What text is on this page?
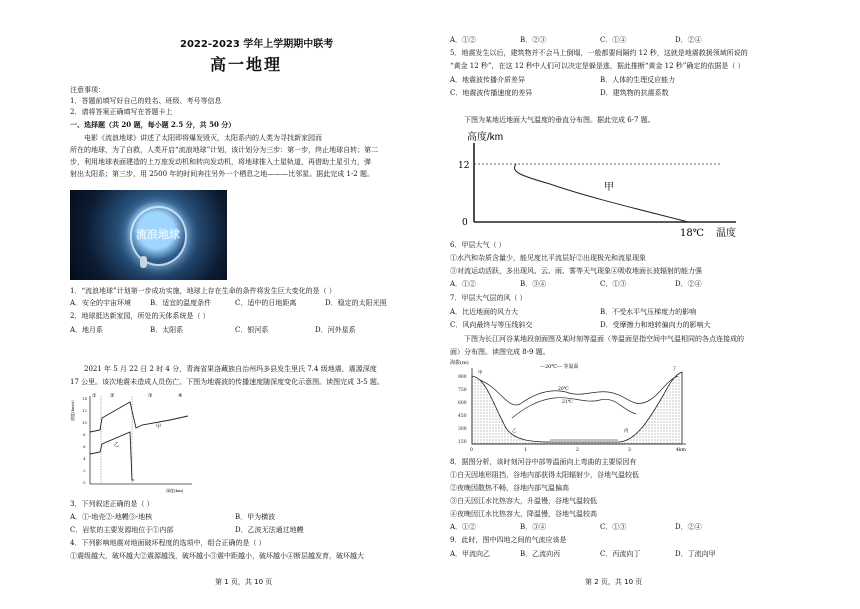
2022-2023 学年上学期期中联考
高一地理
注意事项：
1．答题前填写好自己的姓名、班级、考号等信息
2．请将答案正确填写在答题卡上
一、选择题（共 20 题，每小题 2.5 分，共 50 分）
电影《流浪地球》讲述了太阳即将爆发毁灭，太阳系内的人类为寻找新家园而
所在的地球，为了自救，人类开启“流浪地球”计划，该计划分为三步：第一步，终止地球自转；第二
步，利用地球表面建造的上万座发动机和转向发动机，将地球推入土星轨道，再借助土星引力，弹
射出太阳系；第三步，用 2500 年的时间奔往另外一个栖息之地———比邻星。据此完成 1-2 题。
流浪地球
1．“流浪地球”计划第一步成功实施，地球上存在生命的条件将发生巨大变化的是（ ）
A．安全的宇宙环境	B．适宜的温度条件	C．适中的日地距离	D．稳定的太阳光照
2．地球抵达新家园，所处的天体系统是（ ）
A．地月系	B．太阳系	C．银河系	D．河外星系
2021 年 5 月 22 日 2 时 4 分，青海省果洛藏族自治州玛多县发生里氏 7.4 级地震，震源深度
17 公里。该次地震未造成人员伤亡。下图为地震波的传播速度随深度变化示意图。读图完成 3-5 题。
速度(km/s)
14
12
10
8
6
4
2
0
甲
乙
①	②	③	④
深度(km)
3．下列叙述正确的是（ ）
A．①-地壳②-地幔③-地核	B．甲为横波
C．岩浆的主要发源地位于①内部	D．乙波无法通过地幔
4．下列影响地震对地面破坏程度的选项中，组合正确的是（ ）
①震级越大，破坏越大②震源越浅，破坏越小③震中距越小，破坏越小④断层越发育，破坏越大
第 1 页，共 10 页
A．①②	B．②③	C．①④	D．②④
5．地震发生以后，建筑物并不会马上倒塌，一般都要间隔约 12 秒，这就是地震救援领域所说的
“黄金 12 秒”，在这 12 秒中人们可以决定是躲是逃，据此推断“黄金 12 秒”确定的依据是（ ）
A．地震波传播介质差异	B．人体的生理反应能力
C．地震波传播速度的差异	D．建筑物的抗震系数
下图为某地近地面大气温度的垂直分布图。据此完成 6-7 题。
高度/km
12
0
甲
18℃ 温度
6．甲层大气（ ）
①水汽和杂质含量少，能见度比平流层好②出现极光和流星现象
③对流运动活跃，多出现风、云、雨、雾等天气现象④吸收地面长波辐射的能力强
A．①②	B．③④	C．①③	D．②④
7．甲层大气层的风（ ）
A．比近地面的风力大	B．不受水平气压梯度力的影响
C．风向最终与等压线斜交	D．受摩擦力和地转偏向力的影响大
下图为长江河谷某地段剖面图及某时刻等温面（等温面是指空间中气温相同的各点连接成的
面）分布图。读图完成 8-9 题。
海拔(m)
—20℃— 等温面
900
750
600
450
300
150
20℃
21℃
甲
乙	丙
丁
0	1	2	3	4km
8．据图分析，该时刻河谷中部等温面向上弯曲的主要原因有
①白天因地形阻挡，谷地内部获得太阳辐射少，谷地气温较低
②夜晚因散热不畅，谷地内部气温偏高
③白天因江水比热容大，升温慢，谷地气温较低
④夜晚因江水比热容大，降温慢，谷地气温较高
A．①②	B．③④	C．①③	D．②④
9．此时，图中四地之间的气流应该是
A．甲流向乙	B．乙流向丙	C．丙流向丁	D．丁流向甲
第 2 页，共 10 页
